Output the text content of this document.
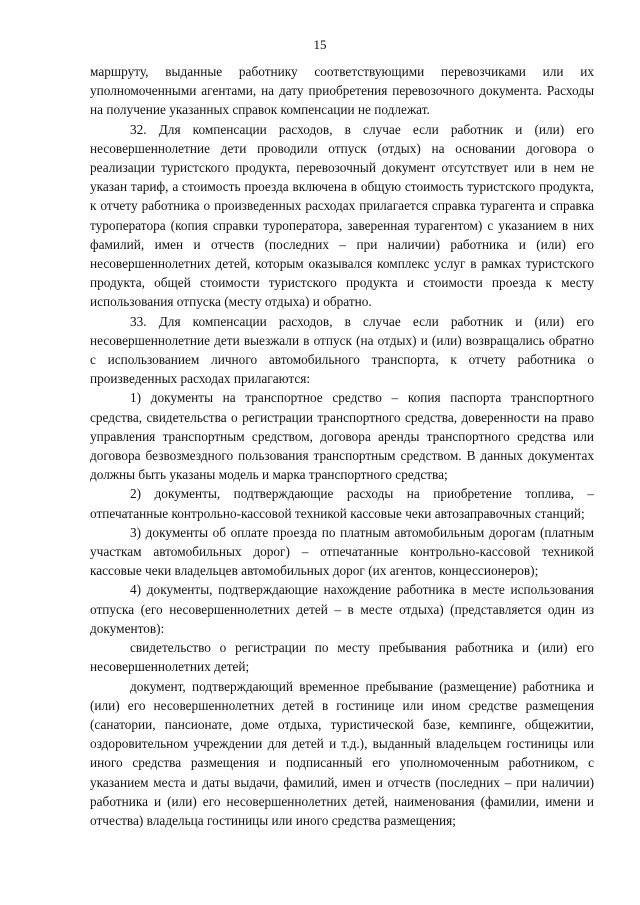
15

маршруту, выданные работнику соответствующими перевозчиками или их уполномоченными агентами, на дату приобретения перевозочного документа. Расходы на получение указанных справок компенсации не подлежат.

32. Для компенсации расходов, в случае если работник и (или) его несовершеннолетние дети проводили отпуск (отдых) на основании договора о реализации туристского продукта, перевозочный документ отсутствует или в нем не указан тариф, а стоимость проезда включена в общую стоимость туристского продукта, к отчету работника о произведенных расходах прилагается справка турагента и справка туроператора (копия справки туроператора, заверенная турагентом) с указанием в них фамилий, имен и отчеств (последних – при наличии) работника и (или) его несовершеннолетних детей, которым оказывался комплекс услуг в рамках туристского продукта, общей стоимости туристского продукта и стоимости проезда к месту использования отпуска (месту отдыха) и обратно.

33. Для компенсации расходов, в случае если работник и (или) его несовершеннолетние дети выезжали в отпуск (на отдых) и (или) возвращались обратно с использованием личного автомобильного транспорта, к отчету работника о произведенных расходах прилагаются:

1) документы на транспортное средство – копия паспорта транспортного средства, свидетельства о регистрации транспортного средства, доверенности на право управления транспортным средством, договора аренды транспортного средства или договора безвозмездного пользования транспортным средством. В данных документах должны быть указаны модель и марка транспортного средства;

2) документы, подтверждающие расходы на приобретение топлива, – отпечатанные контрольно-кассовой техникой кассовые чеки автозаправочных станций;

3) документы об оплате проезда по платным автомобильным дорогам (платным участкам автомобильных дорог) – отпечатанные контрольно-кассовой техникой кассовые чеки владельцев автомобильных дорог (их агентов, концессионеров);

4) документы, подтверждающие нахождение работника в месте использования отпуска (его несовершеннолетних детей – в месте отдыха) (представляется один из документов):

свидетельство о регистрации по месту пребывания работника и (или) его несовершеннолетних детей;

документ, подтверждающий временное пребывание (размещение) работника и (или) его несовершеннолетних детей в гостинице или ином средстве размещения (санатории, пансионате, доме отдыха, туристической базе, кемпинге, общежитии, оздоровительном учреждении для детей и т.д.), выданный владельцем гостиницы или иного средства размещения и подписанный его уполномоченным работником, с указанием места и даты выдачи, фамилий, имен и отчеств (последних – при наличии) работника и (или) его несовершеннолетних детей, наименования (фамилии, имени и отчества) владельца гостиницы или иного средства размещения;
